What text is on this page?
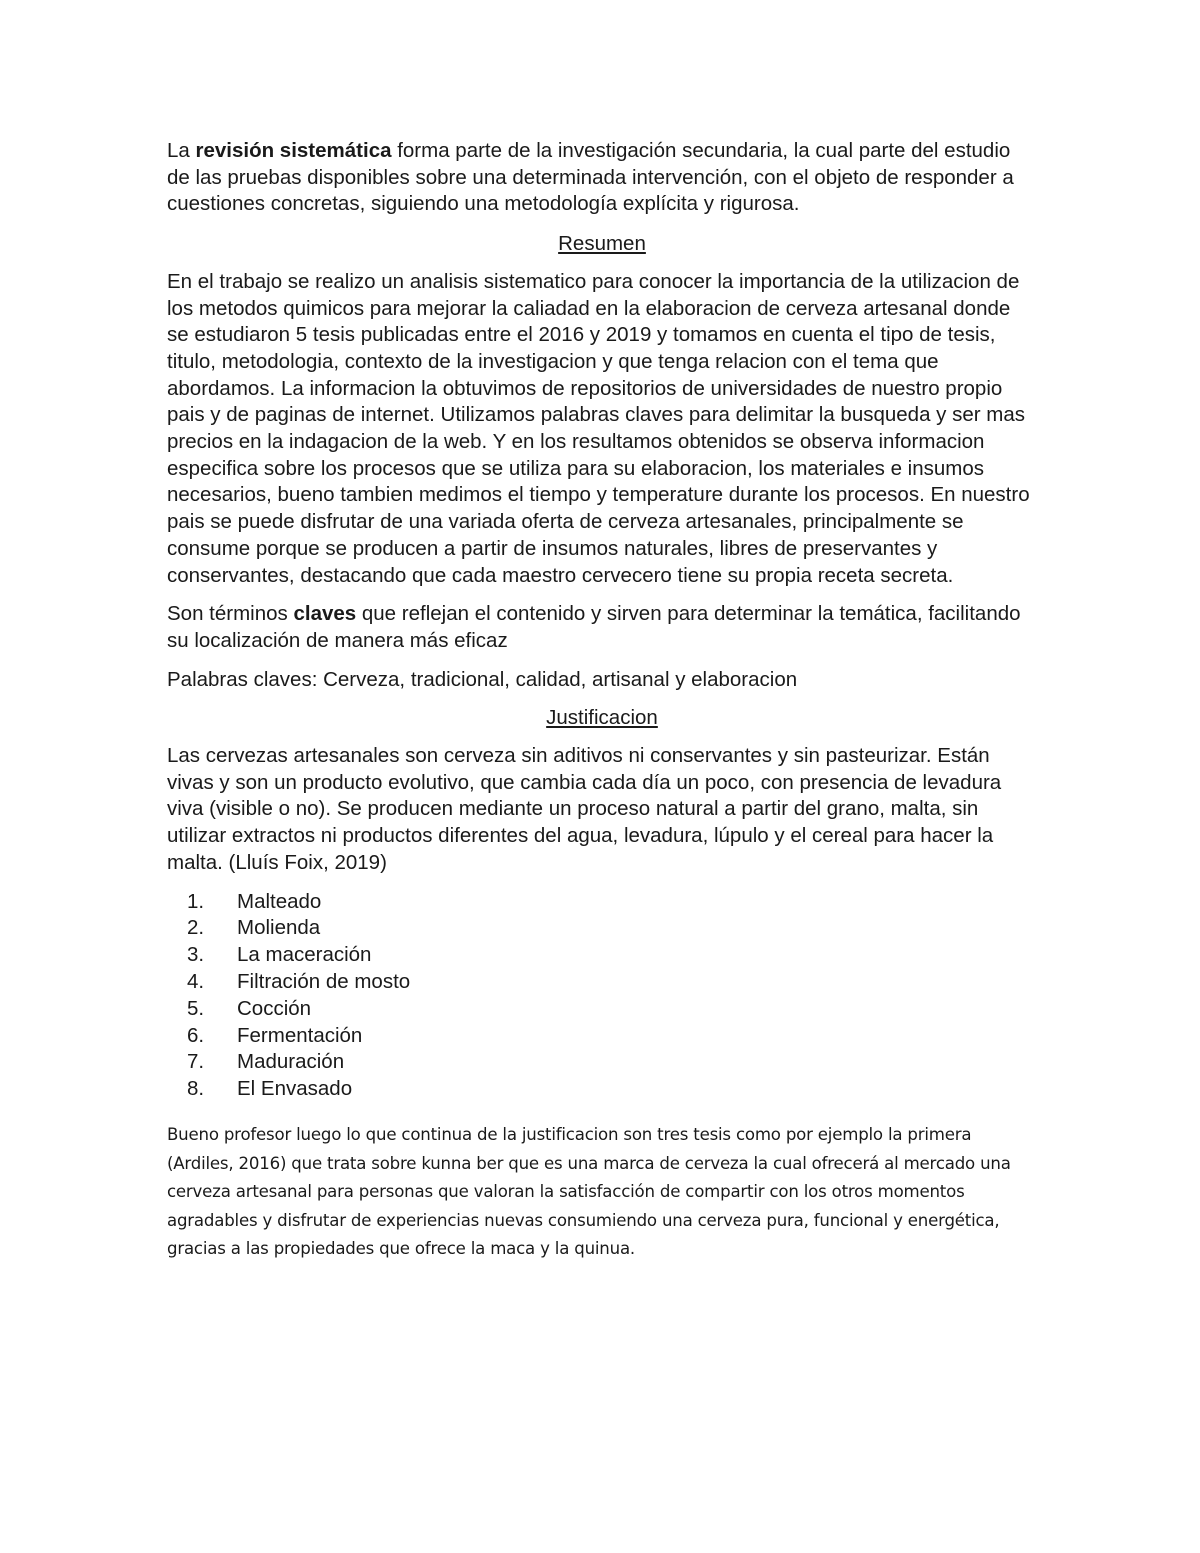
La revisión sistemática forma parte de la investigación secundaria, la cual parte del estudio de las pruebas disponibles sobre una determinada intervención, con el objeto de responder a cuestiones concretas, siguiendo una metodología explícita y rigurosa.

Resumen

En el trabajo se realizo un analisis sistematico para conocer la importancia de la utilizacion de los metodos quimicos para mejorar la caliadad en la elaboracion de cerveza artesanal donde se estudiaron 5 tesis publicadas entre el 2016 y 2019 y tomamos en cuenta el tipo de tesis, titulo, metodologia, contexto de la investigacion y que tenga relacion con el tema que abordamos. La informacion la obtuvimos de repositorios de universidades de nuestro propio pais y de paginas de internet. Utilizamos palabras claves para delimitar la busqueda y ser mas precios en la indagacion de la web. Y en los resultamos obtenidos se observa informacion especifica sobre los procesos que se utiliza para su elaboracion, los materiales e insumos necesarios, bueno tambien medimos el tiempo y temperature durante los procesos. En nuestro pais se puede disfrutar de una variada oferta de cerveza artesanales, principalmente se consume porque se producen a partir de insumos naturales, libres de preservantes y conservantes, destacando que cada maestro cervecero tiene su propia receta secreta.

Son términos claves que reflejan el contenido y sirven para determinar la temática, facilitando su localización de manera más eficaz

Palabras claves: Cerveza, tradicional, calidad, artisanal y elaboracion

Justificacion

Las cervezas artesanales son cerveza sin aditivos ni conservantes y sin pasteurizar. Están vivas y son un producto evolutivo, que cambia cada día un poco, con presencia de levadura viva (visible o no). Se producen mediante un proceso natural a partir del grano, malta, sin utilizar extractos ni productos diferentes del agua, levadura, lúpulo y el cereal para hacer la malta. (Lluís Foix, 2019)

1. Malteado
2. Molienda
3. La maceración
4. Filtración de mosto
5. Cocción
6. Fermentación
7. Maduración
8. El Envasado

Bueno profesor luego lo que continua de la justificacion son tres tesis como por ejemplo la primera (Ardiles, 2016) que trata sobre kunna ber que es una marca de cerveza la cual ofrecerá al mercado una cerveza artesanal para personas que valoran la satisfacción de compartir con los otros momentos agradables y disfrutar de experiencias nuevas consumiendo una cerveza pura, funcional y energética, gracias a las propiedades que ofrece la maca y la quinua.
